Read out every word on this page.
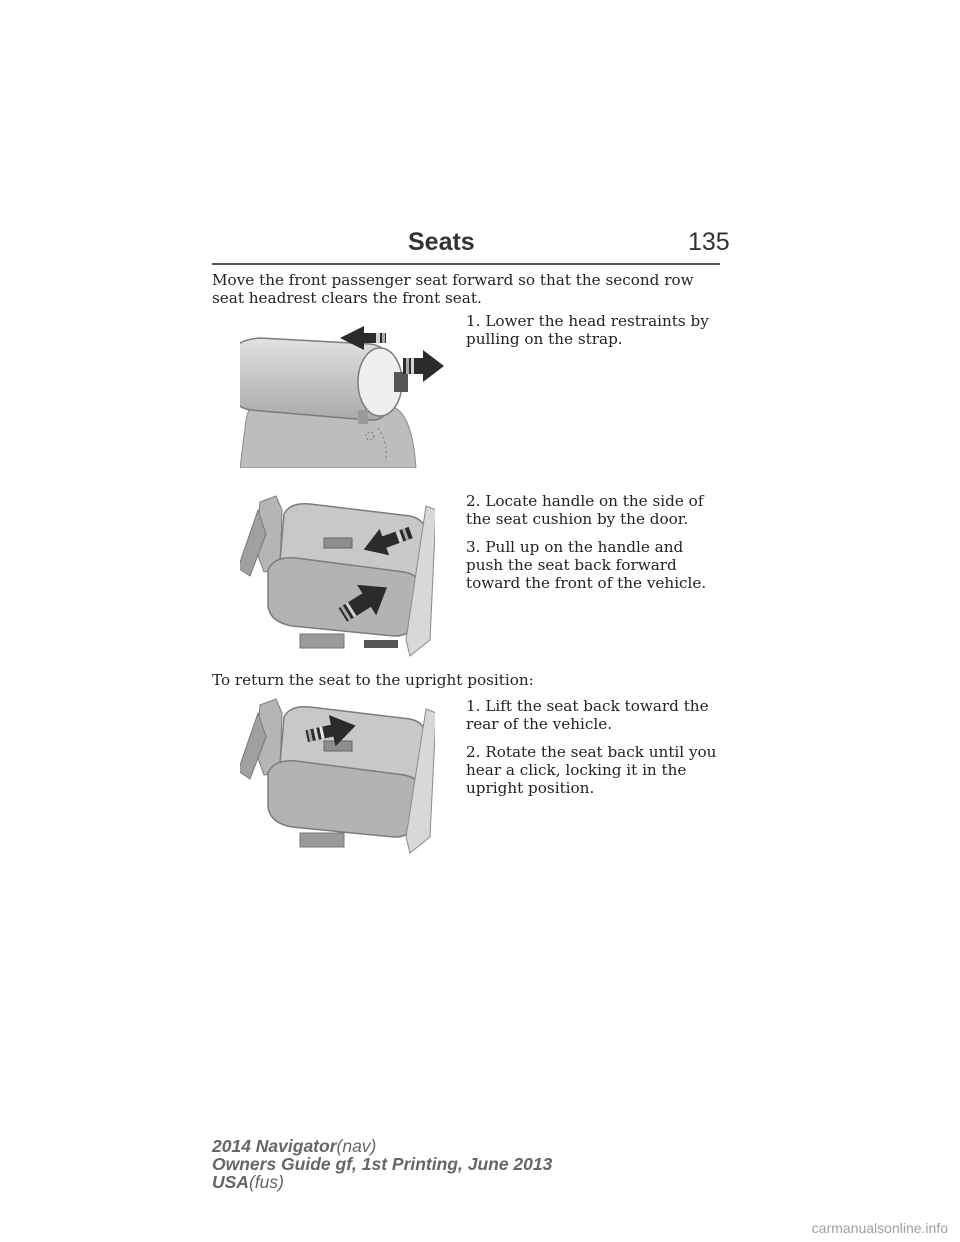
Seats	135
Move the front passenger seat forward so that the second row seat headrest clears the front seat.

1. Lower the head restraints by pulling on the strap.

2. Locate handle on the side of the seat cushion by the door.

3. Pull up on the handle and push the seat back forward toward the front of the vehicle.

To return the seat to the upright position:

1. Lift the seat back toward the rear of the vehicle.

2. Rotate the seat back until you hear a click, locking it in the upright position.

2014 Navigator(nav)
Owners Guide gf, 1st Printing, June 2013
USA(fus)
carmanualsonline.info
